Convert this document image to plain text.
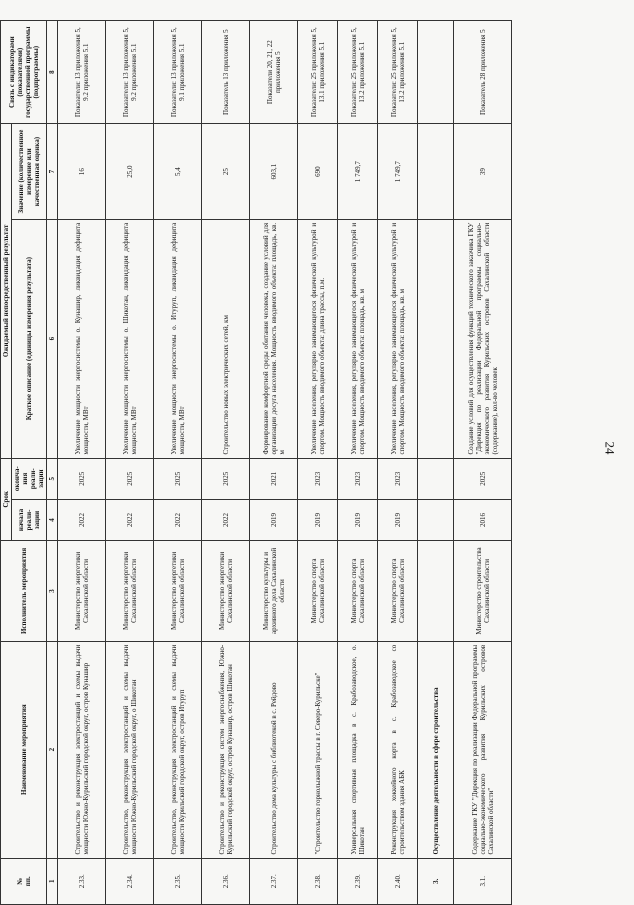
24
№
пп.	Наименование мероприятия	Исполнитель мероприятия	Срок		Ожидаемый непосредственный результат		Связь с индикаторами (показателями) государственной программы (подпрограммы)
			начала реали-зации	оконча-ния реали-зации	Краткое описание (единицы измерения результата)	Значение (количественное измерение или качественная оценка)	
1	2	3	4	5	6	7	8
2.33.	Строительство и реконструкция электростанций и схемы выдачи мощности Южно-Курильский городской округ, остров Кунашир	Министерство энергетики Сахалинской области	2022	2025	Увеличение мощности энергосистемы о. Кунашир, ликвидация дефицита мощности, МВт	16	Показатели: 13 приложения 5, 9.2 приложения 5.1
2.34.	Строительство, реконструкция электростанций и схемы выдачи мощности Южно-Курильский городской округ, о Шикотан	Министерство энергетики Сахалинской области	2022	2025	Увеличение мощности энергосистемы о. Шикотан, ликвидация дефицита мощности, МВт	25,0	Показатели: 13 приложения 5, 9.2 приложения 5.1
2.35.	Строительство, реконструкция электростанций и схемы выдачи мощности Курильский городской округ, остров Итуруп	Министерство энергетики Сахалинской области	2022	2025	Увеличение мощности энергосистемы о. Итуруп, ликвидация дефицита мощности, МВт	5,4	Показатели: 13 приложения 5, 9.1 приложения 5.1
2.36.	Строительство и реконструкция систем энергоснабжения, Южно-Курильский городской округ, остров Кунашир, остров Шикотан	Министерство энергетики Сахалинской области	2022	2025	Строительство новых электрических сетей, км	25	Показатель 13 приложения 5
2.37.	Строительство дома культуры с библиотекой в с. Рейдово	Министерство культуры и архивного дела Сахалинской области	2019	2021	Формирование комфортной среды обитания человека, создание условий для организации досуга населения. Мощность вводимого объекта: площадь, кв. м	603,1	Показатели 20, 21, 22 приложения 5
2.38.	"Строительство горнолыжной трассы в г. Северо-Курильске"	Министерство спорта Сахалинской области	2019	2023	Увеличение населения, регулярно занимающегося физической культурой и спортом. Мощность вводимого объекта: длина трассы, п.м.	690	Показатели: 25 приложения 5, 13.1 приложения 5.1
2.39.	Универсальная спортивная площадка в с. Крабозаводское, о. Шикотан	Министерство спорта Сахалинской области	2019	2023	Увеличение населения, регулярно занимающегося физической культурой и спортом. Мощность вводимого объекта: площадь, кв. м	1 749,7	Показатели: 25 приложения 5, 13.2 приложения 5.1
2.40.	Реконструкция хоккейного корта в с. Крабозаводское со строительством здания АБК	Министерство спорта Сахалинской области	2019	2023	Увеличение населения, регулярно занимающегося физической культурой и спортом. Мощность вводимого объекта: площадь, кв. м	1 749,7	Показатели: 25 приложения 5, 13.2 приложения 5.1
3.	Осуществление деятельности в сфере строительства						
3.1.	Содержание ГКУ "Дирекция по реализации Федеральной программы социально-экономического развития Курильских островов Сахалинской области"	Министерство строительства Сахалинской области	2016	2025	Создание условий для осуществления функций технического заказчика ГКУ "Дирекция по реализации Федеральной программы социально-экономического развития Курильских островов Сахалинской области (содержание), кол-во человек	39	Показатель 28 приложения 5
